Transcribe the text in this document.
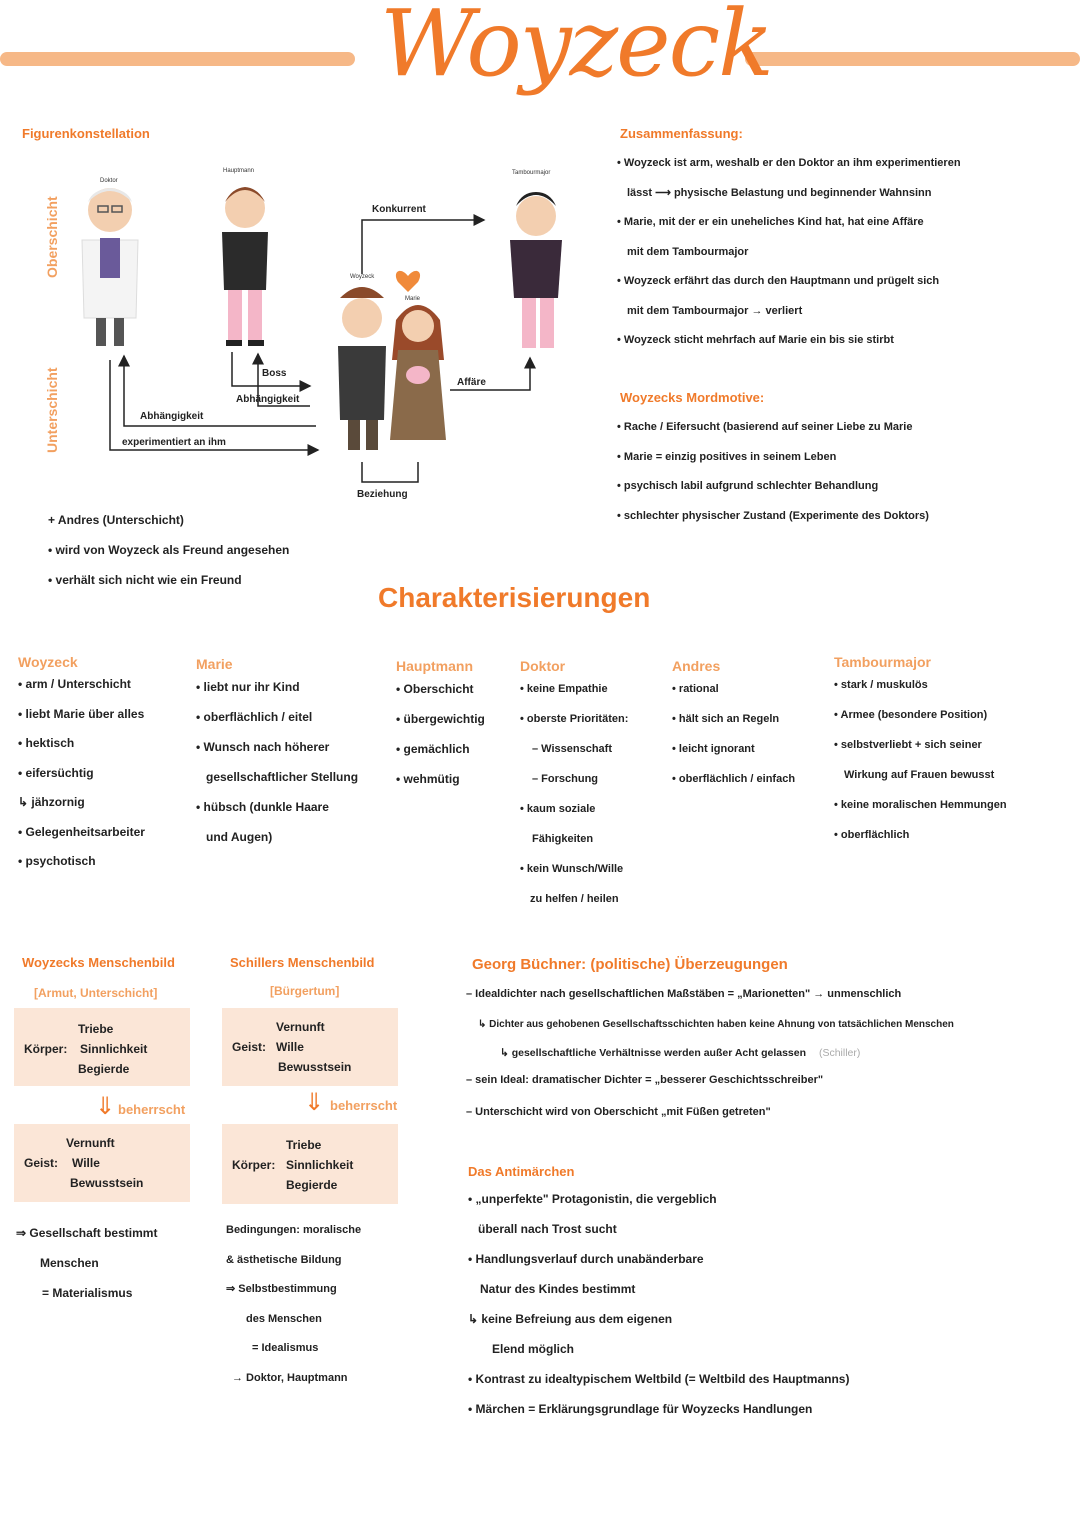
Woyzeck
Figurenkonstellation
Oberschicht
Unterschicht
Doktor
Hauptmann	Tambourmajor
Woyzeck
Marie
Konkurrent
Boss
Abhängigkeit
Abhängigkeit
experimentiert an ihm
Affäre
Beziehung
+ Andres (Unterschicht)
• wird von Woyzeck als Freund angesehen
• verhält sich nicht wie ein Freund
Zusammenfassung:
• Woyzeck ist arm, weshalb er den Doktor an ihm experimentieren
lässt ⟶ physische Belastung und beginnender Wahnsinn
• Marie, mit der er ein uneheliches Kind hat, hat eine Affäre
mit dem Tambourmajor
• Woyzeck erfährt das durch den Hauptmann und prügelt sich
mit dem Tambourmajor → verliert
• Woyzeck sticht mehrfach auf Marie ein bis sie stirbt
Woyzecks Mordmotive:
• Rache / Eifersucht (basierend auf seiner Liebe zu Marie
• Marie = einzig positives in seinem Leben
• psychisch labil aufgrund schlechter Behandlung
• schlechter physischer Zustand (Experimente des Doktors)
Charakterisierungen
Woyzeck
• arm / Unterschicht
• liebt Marie über alles
• hektisch
• eifersüchtig
↳ jähzornig
• Gelegenheitsarbeiter
• psychotisch
Marie
• liebt nur ihr Kind
• oberflächlich / eitel
• Wunsch nach höherer
gesellschaftlicher Stellung
• hübsch (dunkle Haare
und Augen)
Hauptmann
• Oberschicht
• übergewichtig
• gemächlich
• wehmütig
Doktor
• keine Empathie
• oberste Prioritäten:
– Wissenschaft
– Forschung
• kaum soziale
Fähigkeiten
• kein Wunsch/Wille
zu helfen / heilen
Andres
• rational
• hält sich an Regeln
• leicht ignorant
• oberflächlich / einfach
Tambourmajor
• stark / muskulös
• Armee (besondere Position)
• selbstverliebt + sich seiner
Wirkung auf Frauen bewusst
• keine moralischen Hemmungen
• oberflächlich
Woyzecks Menschenbild
[Armut, Unterschicht]
Triebe
Körper: Sinnlichkeit
Begierde
⇓ beherrscht
Vernunft
Geist: Wille
Bewusstsein
⇒ Gesellschaft bestimmt
Menschen
= Materialismus
Schillers Menschenbild
[Bürgertum]
Vernunft
Geist: Wille
Bewusstsein
⇓ beherrscht
Triebe
Körper: Sinnlichkeit
Begierde
Bedingungen: moralische
& ästhetische Bildung
⇒ Selbstbestimmung
des Menschen
= Idealismus
→ Doktor, Hauptmann
Georg Büchner: (politische) Überzeugungen
– Idealdichter nach gesellschaftlichen Maßstäben = „Marionetten" → unmenschlich
↳ Dichter aus gehobenen Gesellschaftsschichten haben keine Ahnung von tatsächlichen Menschen
↳ gesellschaftliche Verhältnisse werden außer Acht gelassen (Schiller)
– sein Ideal: dramatischer Dichter = „besserer Geschichtsschreiber"
– Unterschicht wird von Oberschicht „mit Füßen getreten"
Das Antimärchen
• „unperfekte" Protagonistin, die vergeblich
überall nach Trost sucht
• Handlungsverlauf durch unabänderbare
Natur des Kindes bestimmt
↳ keine Befreiung aus dem eigenen
Elend möglich
• Kontrast zu idealtypischem Weltbild (= Weltbild des Hauptmanns)
• Märchen = Erklärungsgrundlage für Woyzecks Handlungen
